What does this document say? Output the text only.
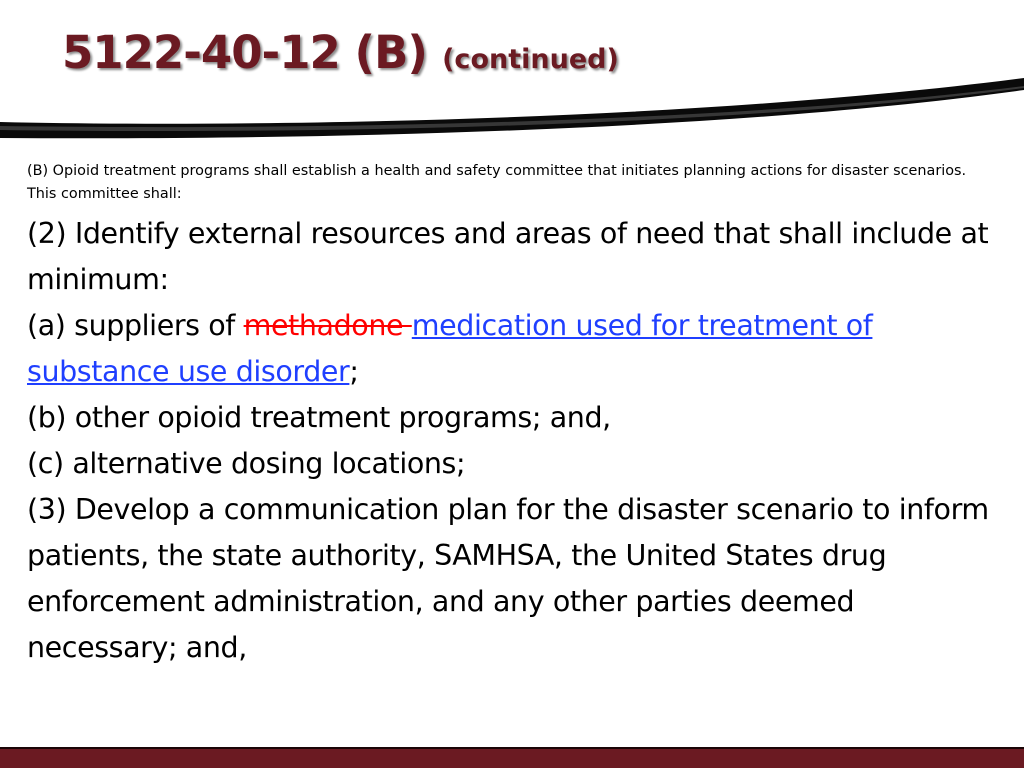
5122-40-12 (B) (continued)

(B) Opioid treatment programs shall establish a health and safety committee that initiates planning actions for disaster scenarios. This committee shall:

(2) Identify external resources and areas of need that shall include at minimum:

(a) suppliers of methadone medication used for treatment of substance use disorder;

(b) other opioid treatment programs; and,

(c) alternative dosing locations;

(3) Develop a communication plan for the disaster scenario to inform patients, the state authority, SAMHSA, the United States drug enforcement administration, and any other parties deemed necessary; and,
